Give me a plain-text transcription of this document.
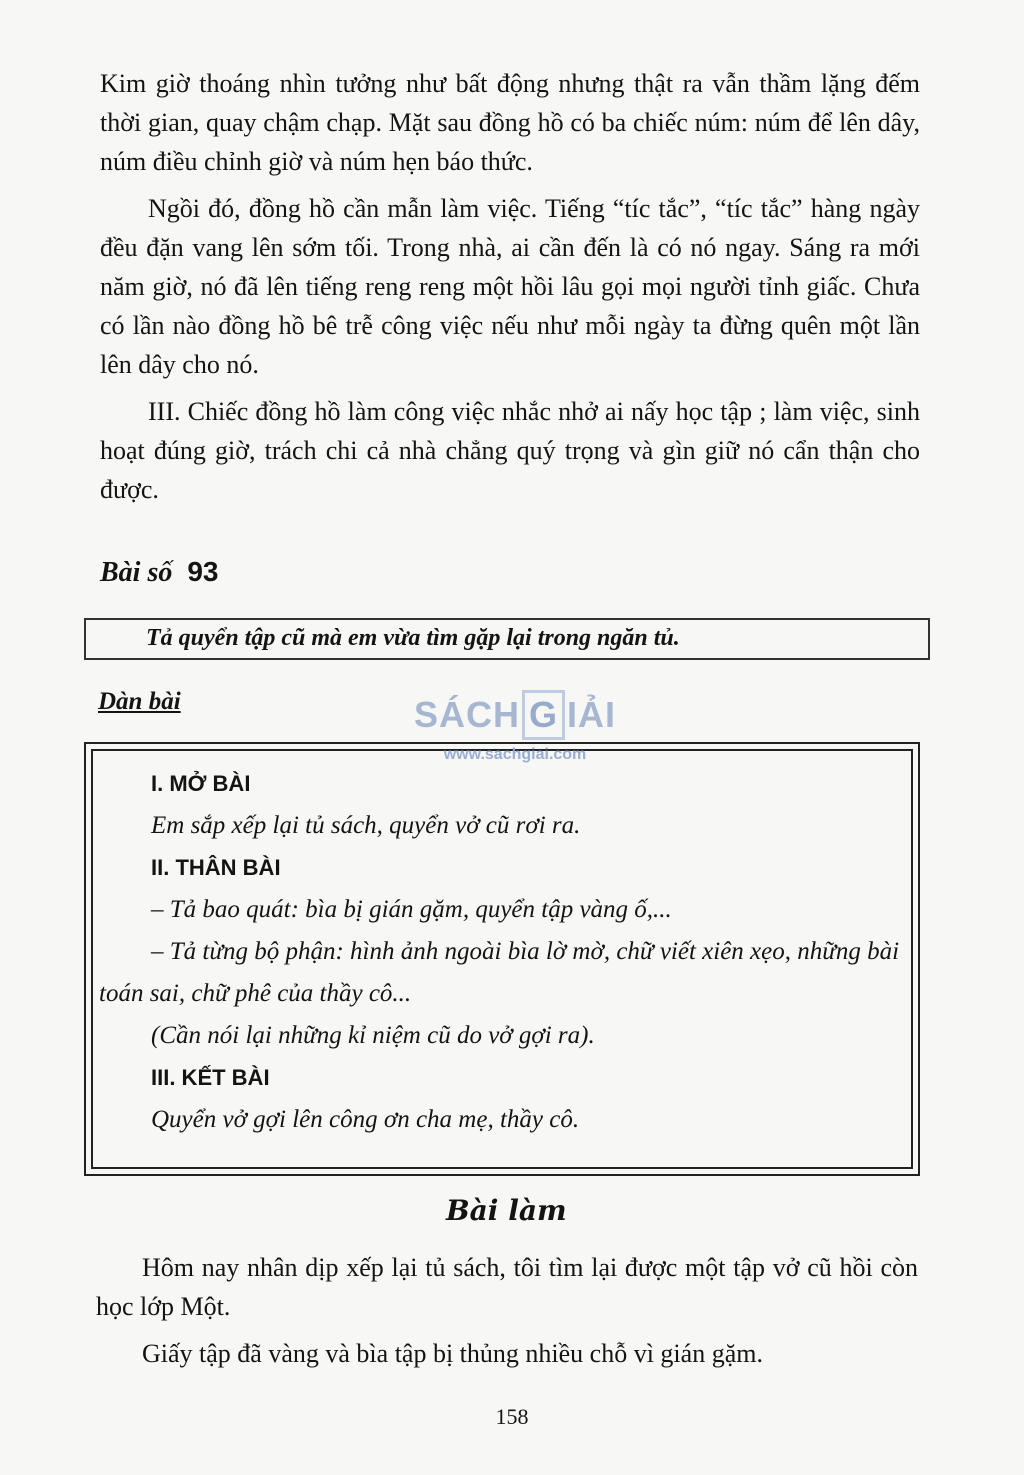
Kim giờ thoáng nhìn tưởng như bất động nhưng thật ra vẫn thầm lặng đếm thời gian, quay chậm chạp. Mặt sau đồng hồ có ba chiếc núm: núm để lên dây, núm điều chỉnh giờ và núm hẹn báo thức.

Ngồi đó, đồng hồ cần mẫn làm việc. Tiếng “tíc tắc”, “tíc tắc” hàng ngày đều đặn vang lên sớm tối. Trong nhà, ai cần đến là có nó ngay. Sáng ra mới năm giờ, nó đã lên tiếng reng reng một hồi lâu gọi mọi người tỉnh giấc. Chưa có lần nào đồng hồ bê trễ công việc nếu như mỗi ngày ta đừng quên một lần lên dây cho nó.

III. Chiếc đồng hồ làm công việc nhắc nhở ai nấy học tập ; làm việc, sinh hoạt đúng giờ, trách chi cả nhà chẳng quý trọng và gìn giữ nó cẩn thận cho được.

Bài số 93
Tả quyển tập cũ mà em vừa tìm gặp lại trong ngăn tủ.
Dàn bài
I. MỞ BÀI

Em sắp xếp lại tủ sách, quyển vở cũ rơi ra.

II. THÂN BÀI

– Tả bao quát: bìa bị gián gặm, quyển tập vàng ố,...

– Tả từng bộ phận: hình ảnh ngoài bìa lờ mờ, chữ viết xiên xẹo, những bài toán sai, chữ phê của thầy cô...

(Cần nói lại những kỉ niệm cũ do vở gợi ra).

III. KẾT BÀI

Quyển vở gợi lên công ơn cha mẹ, thầy cô.

SÁCH G IẢI
www.sachgiai.com
Bài làm

Hôm nay nhân dịp xếp lại tủ sách, tôi tìm lại được một tập vở cũ hồi còn học lớp Một.

Giấy tập đã vàng và bìa tập bị thủng nhiều chỗ vì gián gặm.

158
